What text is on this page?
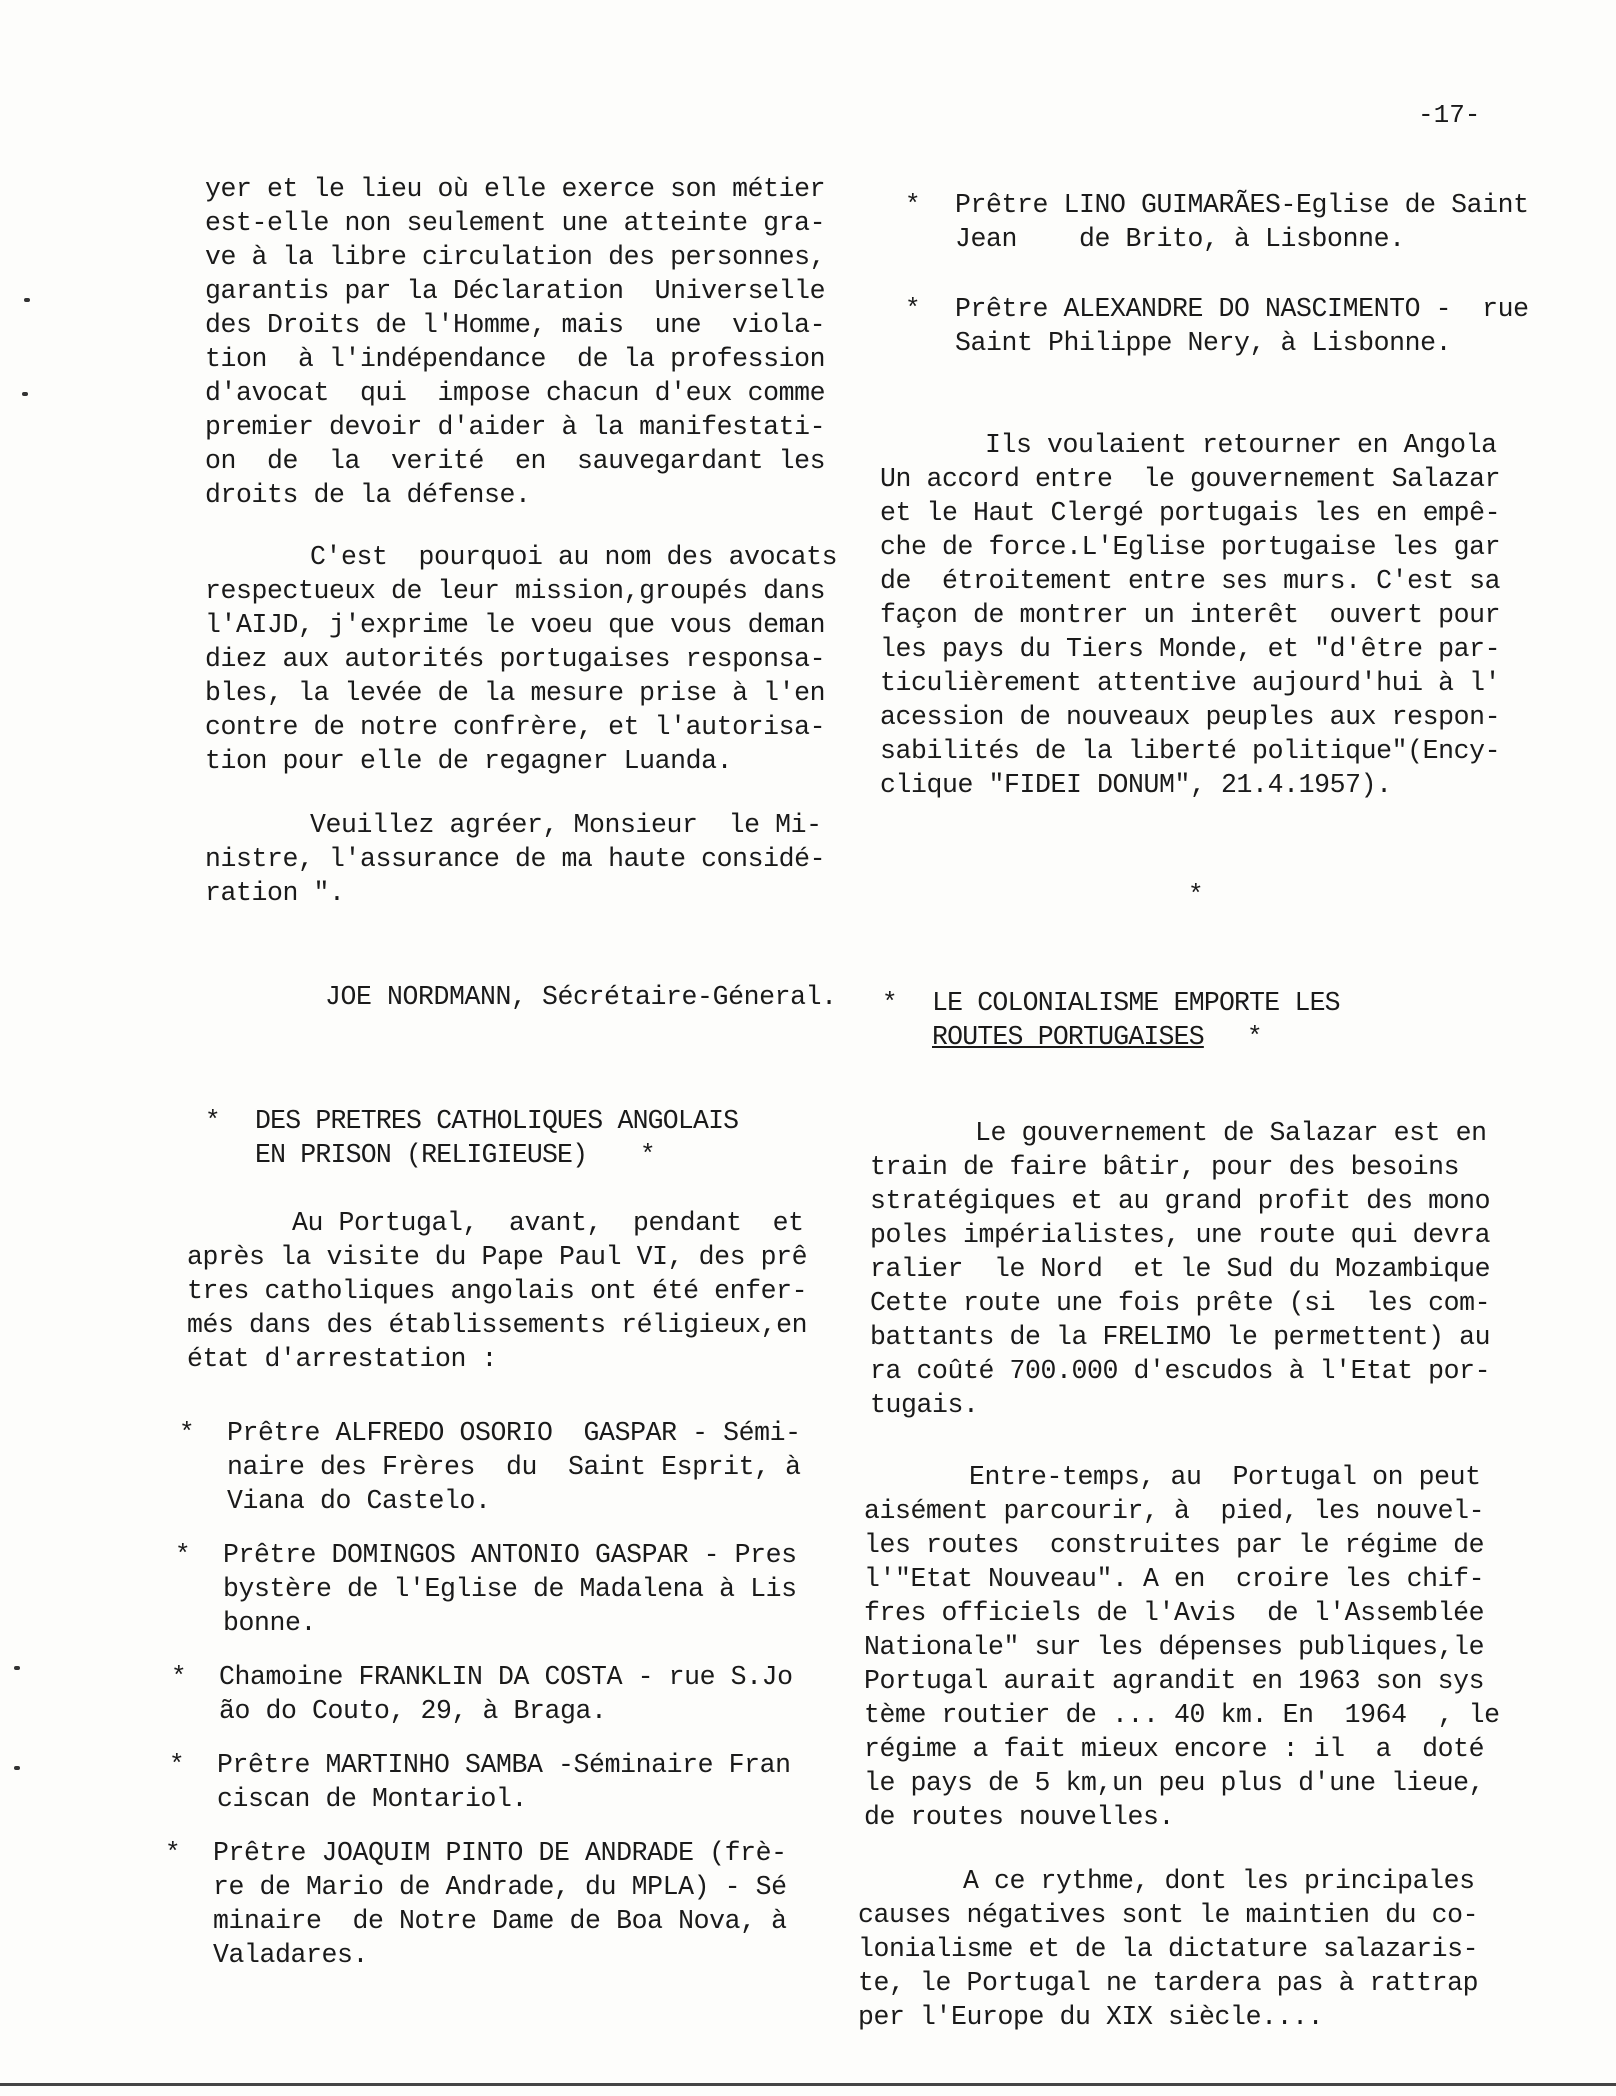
-17-
yer et le lieu où elle exerce son métier
est-elle non seulement une atteinte gra-
ve à la libre circulation des personnes,
garantis par la Déclaration  Universelle
des Droits de l'Homme, mais  une  viola-
tion  à l'indépendance  de la profession
d'avocat  qui  impose chacun d'eux comme
premier devoir d'aider à la manifestati-
on  de  la  verité  en  sauvegardant les
droits de la défense.
C'est  pourquoi au nom des avocats
respectueux de leur mission,groupés dans
l'AIJD, j'exprime le voeu que vous deman
diez aux autorités portugaises responsa-
bles, la levée de la mesure prise à l'en
contre de notre confrère, et l'autorisa-
tion pour elle de regagner Luanda.
Veuillez agréer, Monsieur  le Mi-
nistre, l'assurance de ma haute considé-
ration ".
JOE NORDMANN, Sécrétaire-Géneral.
*	DES PRETRES CATHOLIQUES ANGOLAIS
EN PRISON (RELIGIEUSE)	*
Au Portugal,  avant,  pendant  et
après la visite du Pape Paul VI, des prê
tres catholiques angolais ont été enfer-
més dans des établissements réligieux,en
état d'arrestation :
*	Prêtre ALFREDO OSORIO  GASPAR - Sémi-
naire des Frères  du  Saint Esprit, à
Viana do Castelo.
*	Prêtre DOMINGOS ANTONIO GASPAR - Pres
bystère de l'Eglise de Madalena à Lis
bonne.
*	Chamoine FRANKLIN DA COSTA - rue S.Jo
ão do Couto, 29, à Braga.
*	Prêtre MARTINHO SAMBA -Séminaire Fran
ciscan de Montariol.
*	Prêtre JOAQUIM PINTO DE ANDRADE (frè-
re de Mario de Andrade, du MPLA) - Sé
minaire  de Notre Dame de Boa Nova, à
Valadares.
*	Prêtre LINO GUIMARÃES-Eglise de Saint
Jean    de Brito, à Lisbonne.
*	Prêtre ALEXANDRE DO NASCIMENTO -  rue
Saint Philippe Nery, à Lisbonne.
Ils voulaient retourner en Angola
Un accord entre  le gouvernement Salazar
et le Haut Clergé portugais les en empê-
che de force.L'Eglise portugaise les gar
de  étroitement entre ses murs. C'est sa
façon de montrer un interêt  ouvert pour
les pays du Tiers Monde, et "d'être par-
ticulièrement attentive aujourd'hui à l'
acession de nouveaux peuples aux respon-
sabilités de la liberté politique"(Ency-
clique "FIDEI DONUM", 21.4.1957).
*	LE COLONIALISME EMPORTE LES
ROUTES PORTUGAISES *
Le gouvernement de Salazar est en
train de faire bâtir, pour des besoins
stratégiques et au grand profit des mono
poles impérialistes, une route qui devra
ralier  le Nord  et le Sud du Mozambique
Cette route une fois prête (si  les com-
battants de la FRELIMO le permettent) au
ra coûté 700.000 d'escudos à l'Etat por-
tugais.
Entre-temps, au  Portugal on peut
aisément parcourir, à  pied, les nouvel-
les routes  construites par le régime de
l'"Etat Nouveau". A en  croire les chif-
fres officiels de l'Avis  de l'Assemblée
Nationale" sur les dépenses publiques,le
Portugal aurait agrandit en 1963 son sys
tème routier de ... 40 km. En  1964  , le
régime a fait mieux encore : il  a  doté
le pays de 5 km,un peu plus d'une lieue,
de routes nouvelles.
A ce rythme, dont les principales
causes négatives sont le maintien du co-
lonialisme et de la dictature salazaris-
te, le Portugal ne tardera pas à rattrap
per l'Europe du XIX siècle....
*
